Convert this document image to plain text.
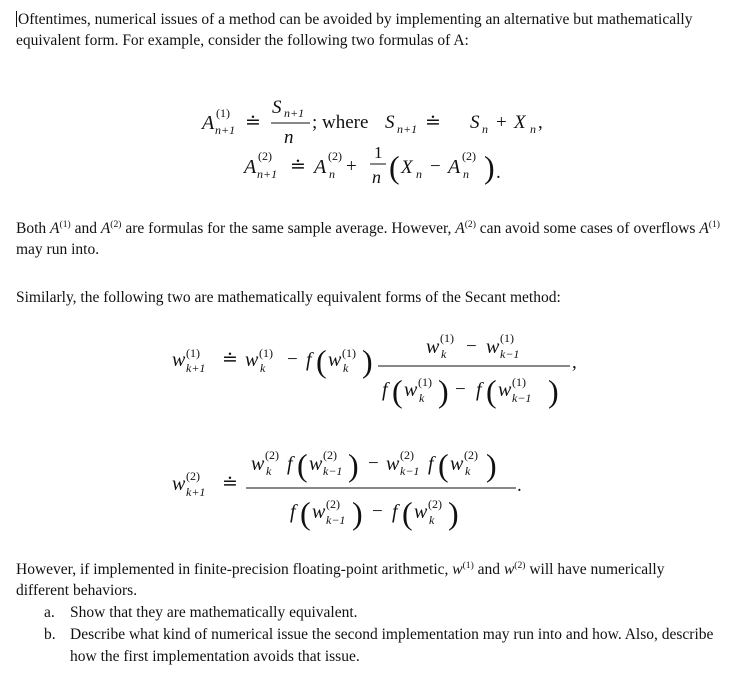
Oftentimes, numerical issues of a method can be avoided by implementing an alternative but mathematically equivalent form. For example, consider the following two formulas of A:
A (1)
n+1 ≐
S n+1
n
; where S n+1 ≐ S n + X n ,
A (2)
n+1 ≐ A (2)
n +
1
n ( X n − A (2)
n ) .
Both $A^{(1)}$ and $A^{(2)}$ are formulas for the same sample average. However, $A^{(2)}$ can avoid some cases of overflows $A^{(1)}$ may run into.
Similarly, the following two are mathematically equivalent forms of the Secant method:
w (1)
k+1 ≐ w (1)
k − f ( w (1)
k )	w (1)
k − w (1)
k−1
f ( w (1)
k ) − f ( w (1)
k−1 )
,
w (2)
k+1 ≐
w (2)
k f ( w (2)
k−1 ) − w (2)
k−1 f ( w (2)
k )
f ( w (2)
k−1 ) − f ( w (2)
k )
.
However, if implemented in finite-precision floating-point arithmetic, $w^{(1)}$ and $w^{(2)}$ will have numerically different behaviors.
a. Show that they are mathematically equivalent.
b. Describe what kind of numerical issue the second implementation may run into and how. Also, describe how the first implementation avoids that issue.
